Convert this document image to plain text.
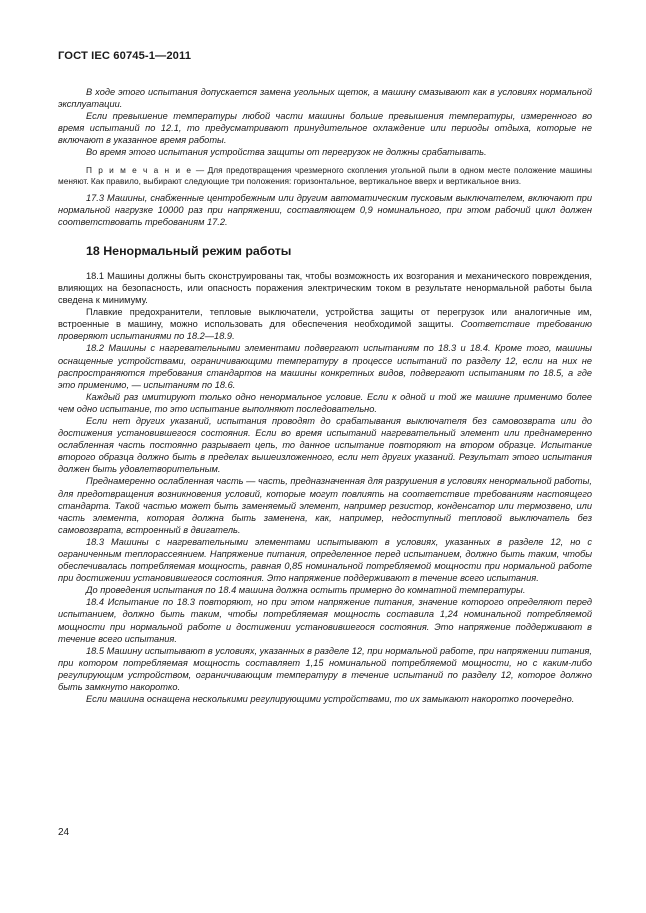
ГОСТ IEC 60745-1—2011

В ходе этого испытания допускается замена угольных щеток, а машину смазывают как в условиях нормальной эксплуатации.

Если превышение температуры любой части машины больше превышения температуры, измеренного во время испытаний по 12.1, то предусматривают принудительное охлаждение или периоды отдыха, которые не включают в указанное время работы.

Во время этого испытания устройства защиты от перегрузок не должны срабатывать.

П р и м е ч а н и е — Для предотвращения чрезмерного скопления угольной пыли в одном месте положение машины меняют. Как правило, выбирают следующие три положения: горизонтальное, вертикальное вверх и вертикальное вниз.

17.3 Машины, снабженные центробежным или другим автоматическим пусковым выключателем, включают при нормальной нагрузке 10000 раз при напряжении, составляющем 0,9 номинального, при этом рабочий цикл должен соответствовать требованиям 17.2.

18 Ненормальный режим работы

18.1 Машины должны быть сконструированы так, чтобы возможность их возгорания и механического повреждения, влияющих на безопасность, или опасность поражения электрическим током в результате ненормальной работы была сведена к минимуму.

Плавкие предохранители, тепловые выключатели, устройства защиты от перегрузок или аналогичные им, встроенные в машину, можно использовать для обеспечения необходимой защиты. Соответствие требованию проверяют испытаниями по 18.2—18.9.

18.2 Машины с нагревательными элементами подвергают испытаниям по 18.3 и 18.4. Кроме того, машины оснащенные устройствами, ограничивающими температуру в процессе испытаний по разделу 12, если на них не распространяются требования стандартов на машины конкретных видов, подвергают испытаниям по 18.5, а где это применимо, — испытаниям по 18.6.

Каждый раз имитируют только одно ненормальное условие. Если к одной и той же машине применимо более чем одно испытание, то это испытание выполняют последовательно.

Если нет других указаний, испытания проводят до срабатывания выключателя без самовозврата или до достижения установившегося состояния. Если во время испытаний нагревательный элемент или преднамеренно ослабленная часть постоянно разрывает цепь, то данное испытание повторяют на втором образце. Испытание второго образца должно быть в пределах вышеизложенного, если нет других указаний. Результат этого испытания должен быть удовлетворительным.

Преднамеренно ослабленная часть — часть, предназначенная для разрушения в условиях ненормальной работы, для предотвращения возникновения условий, которые могут повлиять на соответствие требованиям настоящего стандарта. Такой частью может быть заменяемый элемент, например резистор, конденсатор или термозвено, или часть элемента, которая должна быть заменена, как, например, недоступный тепловой выключатель без самовозврата, встроенный в двигатель.

18.3 Машины с нагревательными элементами испытывают в условиях, указанных в разделе 12, но с ограниченным теплорассеянием. Напряжение питания, определенное перед испытанием, должно быть таким, чтобы обеспечивалась потребляемая мощность, равная 0,85 номинальной потребляемой мощности при нормальной работе при достижении установившегося состояния. Это напряжение поддерживают в течение всего испытания.

До проведения испытания по 18.4 машина должна остыть примерно до комнатной температуры.

18.4 Испытание по 18.3 повторяют, но при этом напряжение питания, значение которого определяют перед испытанием, должно быть таким, чтобы потребляемая мощность составила 1,24 номинальной потребляемой мощности при нормальной работе и достижении установившегося состояния. Это напряжение поддерживают в течение всего испытания.

18.5 Машину испытывают в условиях, указанных в разделе 12, при нормальной работе, при напряжении питания, при котором потребляемая мощность составляет 1,15 номинальной потребляемой мощности, но с каким-либо регулирующим устройством, ограничивающим температуру в течение испытаний по разделу 12, которое должно быть замкнуто накоротко.

Если машина оснащена несколькими регулирующими устройствами, то их замыкают накоротко поочередно.

24
